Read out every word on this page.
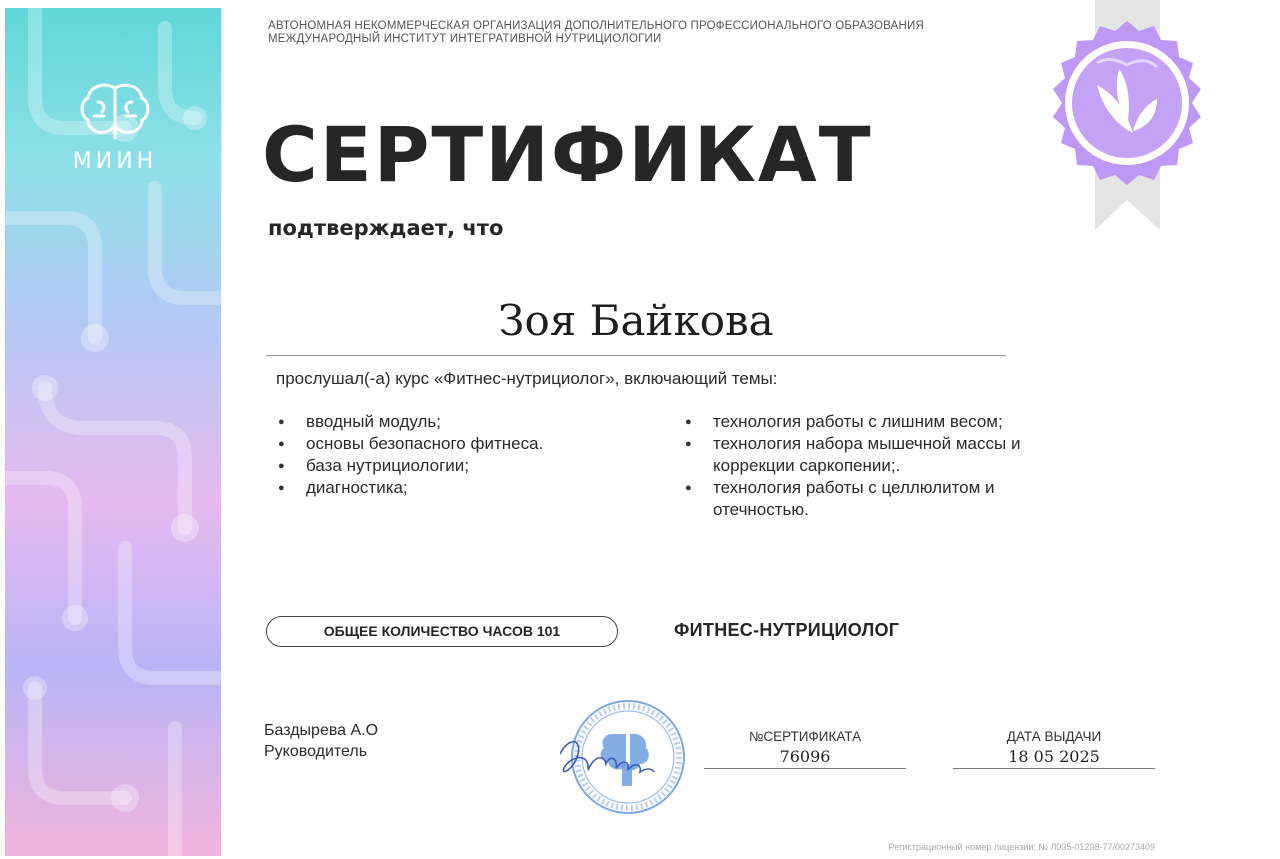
МИИН
АВТОНОМНАЯ НЕКОММЕРЧЕСКАЯ ОРГАНИЗАЦИЯ ДОПОЛНИТЕЛЬНОГО ПРОФЕССИОНАЛЬНОГО ОБРАЗОВАНИЯ
МЕЖДУНАРОДНЫЙ ИНСТИТУТ ИНТЕГРАТИВНОЙ НУТРИЦИОЛОГИИ
СЕРТИФИКАТ
подтверждает, что
Зоя Байкова
прослушал(-а) курс «Фитнес-нутрициолог», включающий темы:
● вводный модуль;
● основы безопасного фитнеса.
● база нутрициологии;
● диагностика;
● технология работы с лишним весом;
● технология набора мышечной массы и коррекции саркопении;.
● технология работы с целлюлитом и отечностью.
ОБЩЕЕ КОЛИЧЕСТВО ЧАСОВ 101	ФИТНЕС-НУТРИЦИОЛОГ
Баздырева А.О
Руководитель
№СЕРТИФИКАТА
76096
ДАТА ВЫДАЧИ
18 05 2025
Регистрационный номер лицензии: № Л035-01298-77/00273409
